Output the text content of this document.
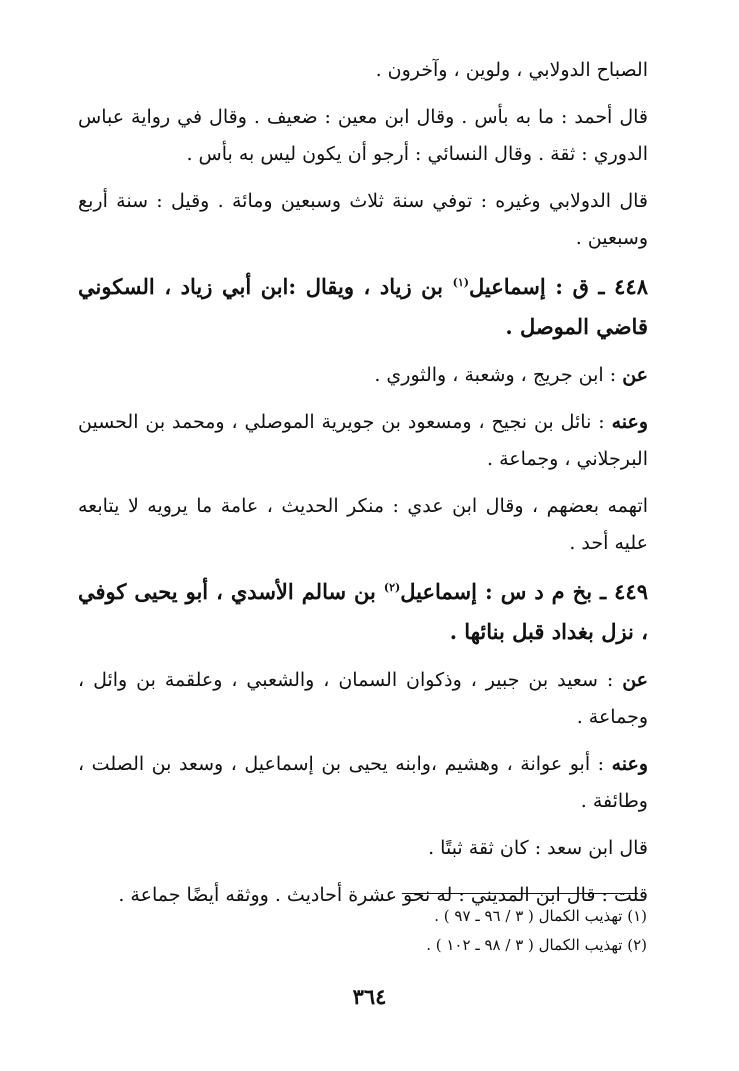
الصباح الدولابي ، ولوين ، وآخرون .

قال أحمد : ما به بأس . وقال ابن معين : ضعيف . وقال في رواية عباس الدوري : ثقة . وقال النسائي : أرجو أن يكون ليس به بأس .

قال الدولابي وغيره : توفي سنة ثلاث وسبعين ومائة . وقيل : سنة أربع وسبعين .

٤٤٨ ـ ق : إسماعيل$^{(١)}$ بن زياد ، ويقال :ابن أبي زياد ، السكوني قاضي الموصل .

عن : ابن جريج ، وشعبة ، والثوري .

وعنه : نائل بن نجيح ، ومسعود بن جويرية الموصلي ، ومحمد بن الحسين البرجلاني ، وجماعة .

اتهمه بعضهم ، وقال ابن عدي : منكر الحديث ، عامة ما يرويه لا يتابعه عليه أحد .

٤٤٩ ـ بخ م د س : إسماعيل$^{(٢)}$ بن سالم الأسدي ، أبو يحيى كوفي ، نزل بغداد قبل بنائها .

عن : سعيد بن جبير ، وذكوان السمان ، والشعبي ، وعلقمة بن وائل ، وجماعة .

وعنه : أبو عوانة ، وهشيم ،وابنه يحيى بن إسماعيل ، وسعد بن الصلت ، وطائفة .

قال ابن سعد : كان ثقة ثبتًا .

قلت : قال ابن المديني : له نحو عشرة أحاديث . ووثقه أيضًا جماعة .

(١) تهذيب الكمال ( ٣ / ٩٦ ـ ٩٧ ) .
(٢) تهذيب الكمال ( ٣ / ٩٨ ـ ١٠٢ ) .
٣٦٤
